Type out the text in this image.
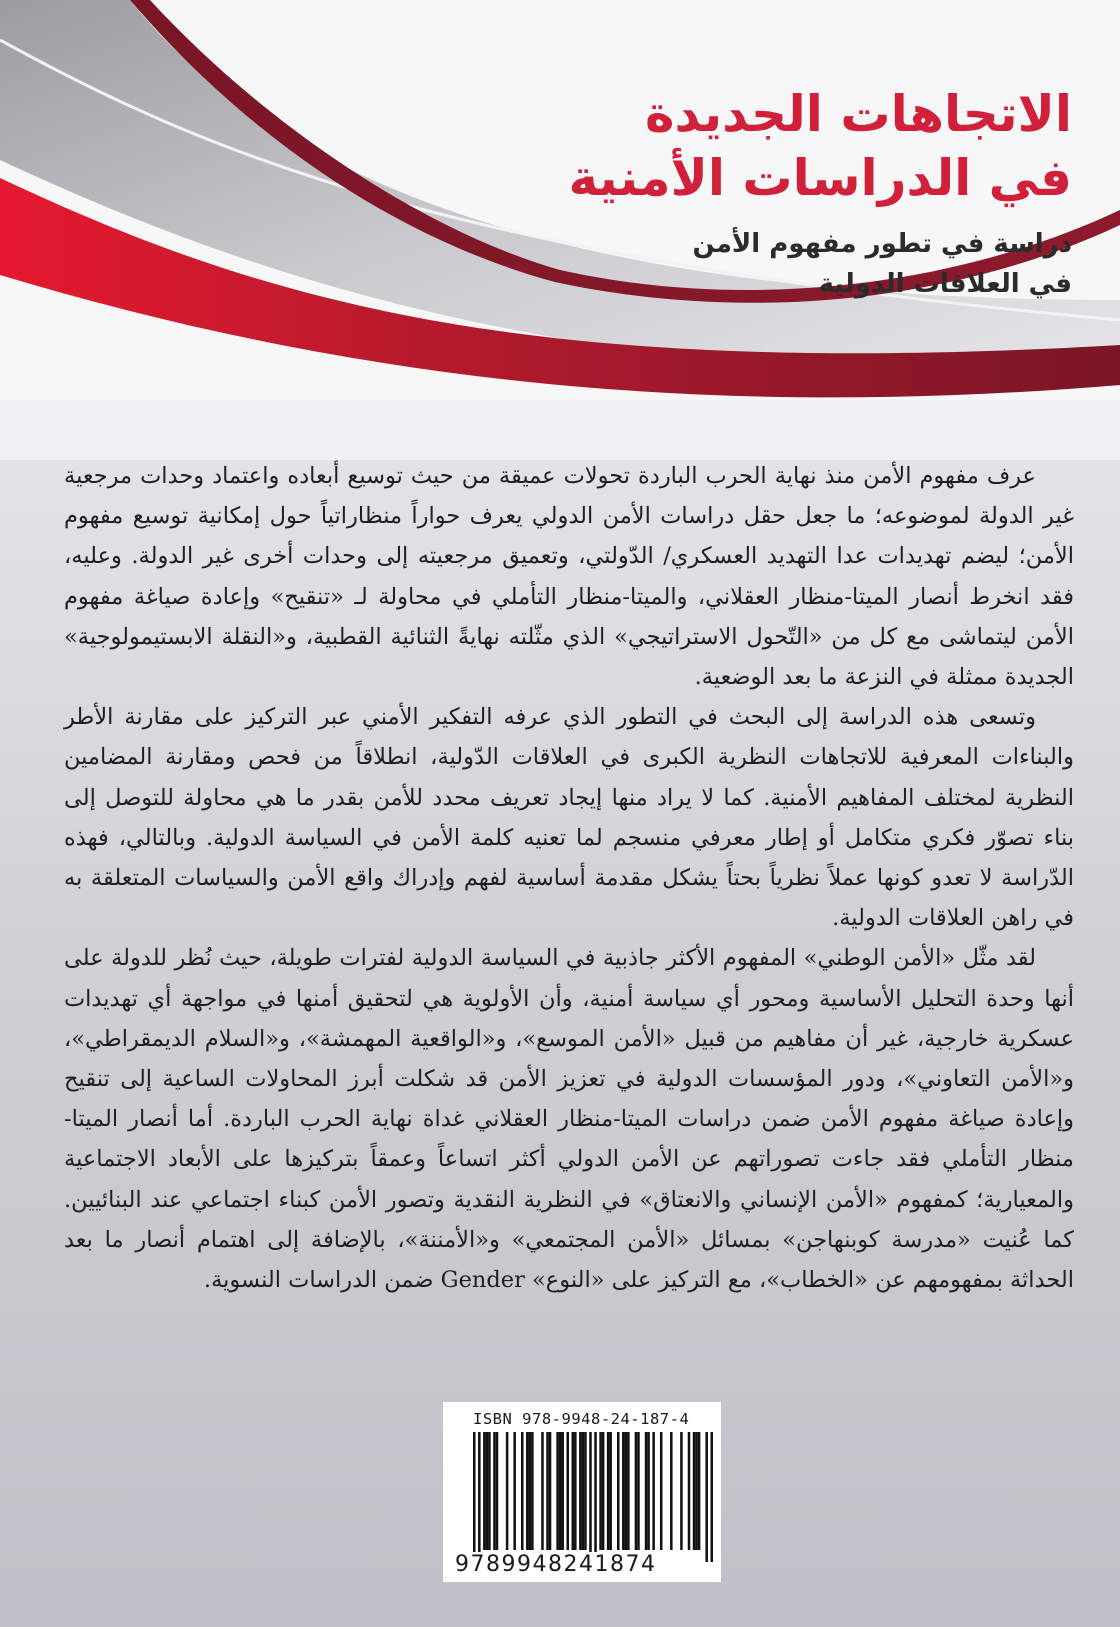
الاتجاهات الجديدة

في الدراسات الأمنية

دراسة في تطور مفهوم الأمن

في العلاقات الدولية

عرف مفهوم الأمن منذ نهاية الحرب الباردة تحولات عميقة من حيث توسيع أبعاده واعتماد وحدات مرجعية غير الدولة لموضوعه؛ ما جعل حقل دراسات الأمن الدولي يعرف حواراً منظاراتياً حول إمكانية توسيع مفهوم الأمن؛ ليضم تهديدات عدا التهديد العسكري/ الدّولتي، وتعميق مرجعيته إلى وحدات أخرى غير الدولة. وعليه، فقد انخرط أنصار الميتا-منظار العقلاني، والميتا-منظار التأملي في محاولة لـ «تنقيح» وإعادة صياغة مفهوم الأمن ليتماشى مع كل من «التّحول الاستراتيجي» الذي مثّلته نهايةً الثنائية القطبية، و«النقلة الابستيمولوجية» الجديدة ممثلة في النزعة ما بعد الوضعية.

وتسعى هذه الدراسة إلى البحث في التطور الذي عرفه التفكير الأمني عبر التركيز على مقارنة الأطر والبناءات المعرفية للاتجاهات النظرية الكبرى في العلاقات الدّولية، انطلاقاً من فحص ومقارنة المضامين النظرية لمختلف المفاهيم الأمنية. كما لا يراد منها إيجاد تعريف محدد للأمن بقدر ما هي محاولة للتوصل إلى بناء تصوّر فكري متكامل أو إطار معرفي منسجم لما تعنيه كلمة الأمن في السياسة الدولية. وبالتالي، فهذه الدّراسة لا تعدو كونها عملاً نظرياً بحتاً يشكل مقدمة أساسية لفهم وإدراك واقع الأمن والسياسات المتعلقة به في راهن العلاقات الدولية.

لقد مثّل «الأمن الوطني» المفهوم الأكثر جاذبية في السياسة الدولية لفترات طويلة، حيث نُظر للدولة على أنها وحدة التحليل الأساسية ومحور أي سياسة أمنية، وأن الأولوية هي لتحقيق أمنها في مواجهة أي تهديدات عسكرية خارجية، غير أن مفاهيم من قبيل «الأمن الموسع»، و«الواقعية المهمشة»، و«السلام الديمقراطي»، و«الأمن التعاوني»، ودور المؤسسات الدولية في تعزيز الأمن قد شكلت أبرز المحاولات الساعية إلى تنقيح وإعادة صياغة مفهوم الأمن ضمن دراسات الميتا-منظار العقلاني غداة نهاية الحرب الباردة. أما أنصار الميتا-منظار التأملي فقد جاءت تصوراتهم عن الأمن الدولي أكثر اتساعاً وعمقاً بتركيزها على الأبعاد الاجتماعية والمعيارية؛ كمفهوم «الأمن الإنساني والانعتاق» في النظرية النقدية وتصور الأمن كبناء اجتماعي عند البنائيين. كما عُنيت «مدرسة كوبنهاجن» بمسائل «الأمن المجتمعي» و«الأمننة»، بالإضافة إلى اهتمام أنصار ما بعد الحداثة بمفهومهم عن «الخطاب»، مع التركيز على «النوع» Gender ضمن الدراسات النسوية.

ISBN 978-9948-24-187-4
9789948241874
